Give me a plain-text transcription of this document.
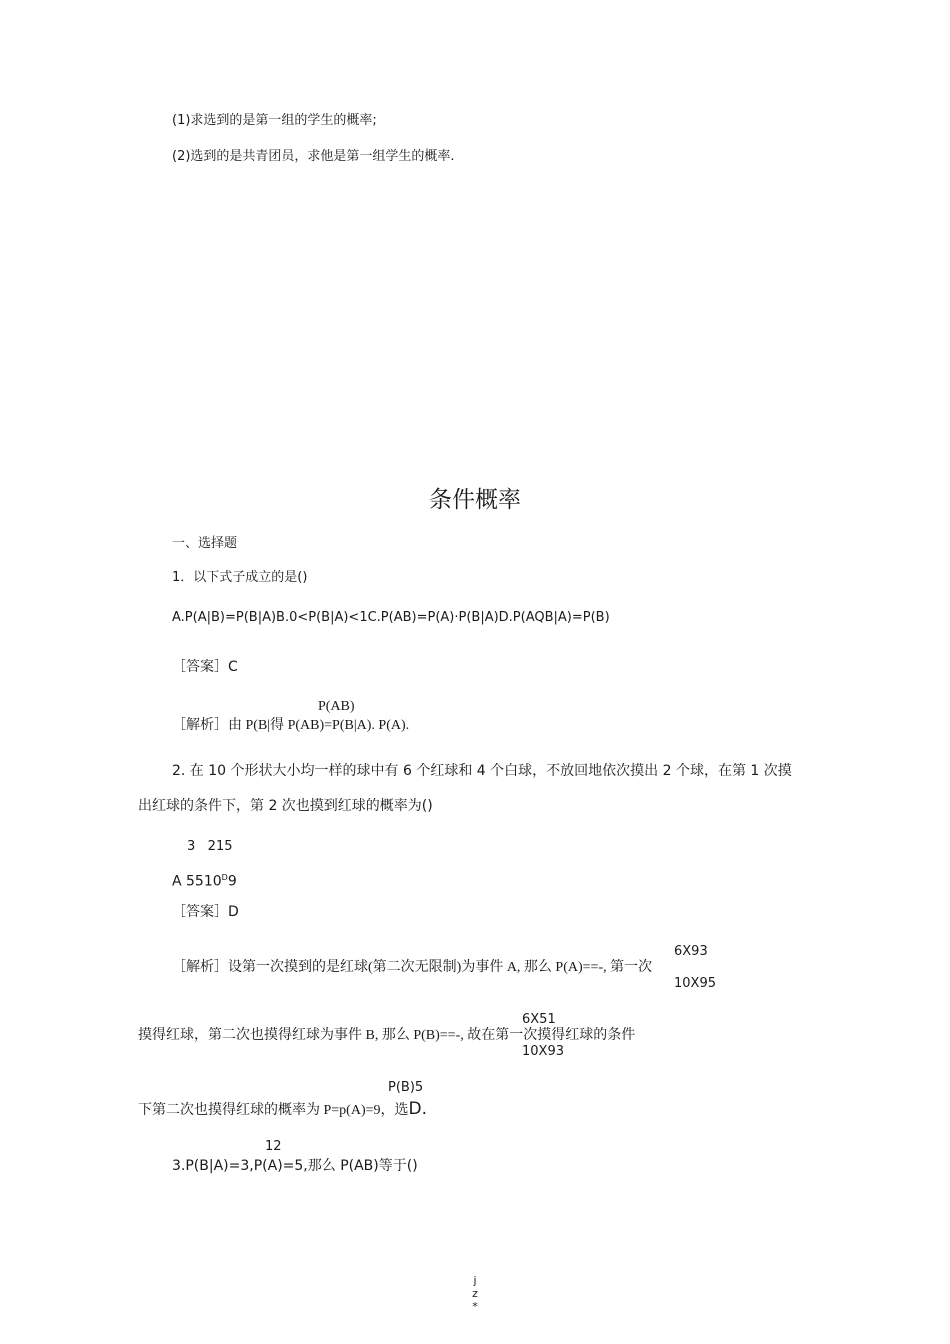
(1)求选到的是第一组的学生的概率;
(2)选到的是共青团员，求他是第一组学生的概率.
条件概率
一、选择题
1．以下式子成立的是()
A.P(A|B)=P(B|A)B.0<P(B|A)<1C.P(AB)=P(A)·P(B|A)D.P(AQB|A)=P(B)
［答案］C
P(AB)
［解析］由 P(B|得 P(AB)=P(B|A). P(A).
2. 在 10 个形状大小均一样的球中有 6 个红球和 4 个白球，不放回地依次摸出 2 个球，在第 1 次摸
出红球的条件下，第 2 次也摸到红球的概率为()
3   215
A $5510^D9$
［答案］D
6X93
［解析］设第一次摸到的是红球(第二次无限制)为事件 A, 那么 P(A)==-, 第一次
10X95
6X51
摸得红球，第二次也摸得红球为事件 B, 那么 P(B)==-, 故在第一次摸得红球的条件
10X93
P(B)5
下第二次也摸得红球的概率为 P=p(A)=9，选D.
12
3.P(B|A)=3,P(A)=5,那么 P(AB)等于()
j
z
*
